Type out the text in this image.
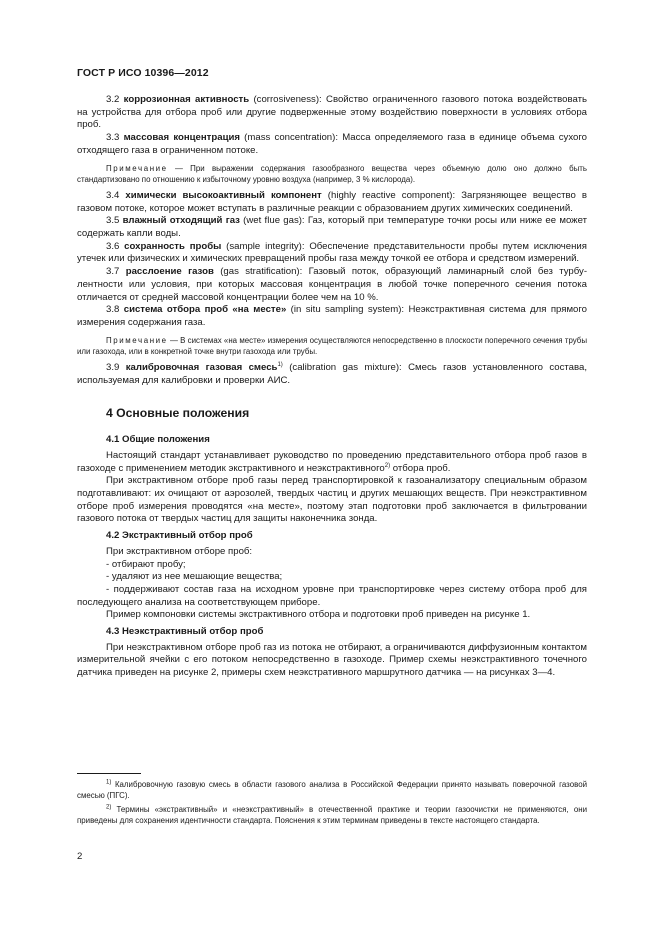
ГОСТ Р ИСО 10396—2012

3.2 коррозионная активность (corrosiveness): Свойство ограниченного газового потока воздействовать на устройства для отбора проб или другие подверженные этому воздействию поверхности в условиях отбора проб.

3.3 массовая концентрация (mass concentration): Масса определяемого газа в единице объема сухого отходящего газа в ограниченном потоке.

Примечание — При выражении содержания газообразного вещества через объемную долю оно должно быть стандартизовано по отношению к избыточному уровню воздуха (например, 3 % кислорода).

3.4 химически высокоактивный компонент (highly reactive component): Загрязняющее вещество в газовом потоке, которое может вступать в различные реакции с образованием других химических соединений.

3.5 влажный отходящий газ (wet flue gas): Газ, который при температуре точки росы или ниже ее может содержать капли воды.

3.6 сохранность пробы (sample integrity): Обеспечение представительности пробы путем исключения утечек или физических и химических превращений пробы газа между точкой ее отбора и средством измерений.

3.7 расслоение газов (gas stratification): Газовый поток, образующий ламинарный слой без турбулентности или условия, при которых массовая концентрация в любой точке поперечного сечения потока отличается от средней массовой концентрации более чем на 10 %.

3.8 система отбора проб «на месте» (in situ sampling system): Неэкстрактивная система для прямого измерения содержания газа.

Примечание — В системах «на месте» измерения осуществляются непосредственно в плоскости поперечного сечения трубы или газохода, или в конкретной точке внутри газохода или трубы.

3.9 калибровочная газовая смесь$^{1)}$ (calibration gas mixture): Смесь газов установленного состава, используемая для калибровки и проверки АИС.

4 Основные положения
4.1 Общие положения

Настоящий стандарт устанавливает руководство по проведению представительного отбора проб газов в газоходе с применением методик экстрактивного и неэкстрактивного$^{2)}$ отбора проб.

При экстрактивном отборе проб газы перед транспортировкой к газоанализатору специальным образом подготавливают: их очищают от аэрозолей, твердых частиц и других мешающих веществ. При неэкстрактивном отборе проб измерения проводятся «на месте», поэтому этап подготовки проб заключается в фильтровании газового потока от твердых частиц для защиты наконечника зонда.

4.2 Экстрактивный отбор проб

При экстрактивном отборе проб:

- отбирают пробу;

- удаляют из нее мешающие вещества;

- поддерживают состав газа на исходном уровне при транспортировке через систему отбора проб для последующего анализа на соответствующем приборе.

Пример компоновки системы экстрактивного отбора и подготовки проб приведен на рисунке 1.

4.3 Неэкстрактивный отбор проб

При неэкстрактивном отборе проб газ из потока не отбирают, а ограничиваются диффузионным контактом измерительной ячейки с его потоком непосредственно в газоходе. Пример схемы неэкстрактивного точечного датчика приведен на рисунке 2, примеры схем неэкстративного маршрутного датчика — на рисунках 3—4.

$^{1)}$ Калибровочную газовую смесь в области газового анализа в Российской Федерации принято называть поверочной газовой смесью (ПГС).

$^{2)}$ Термины «экстрактивный» и «неэкстрактивный» в отечественной практике и теории газоочистки не применяются, они приведены для сохранения идентичности стандарта. Пояснения к этим терминам приведены в тексте настоящего стандарта.

2
